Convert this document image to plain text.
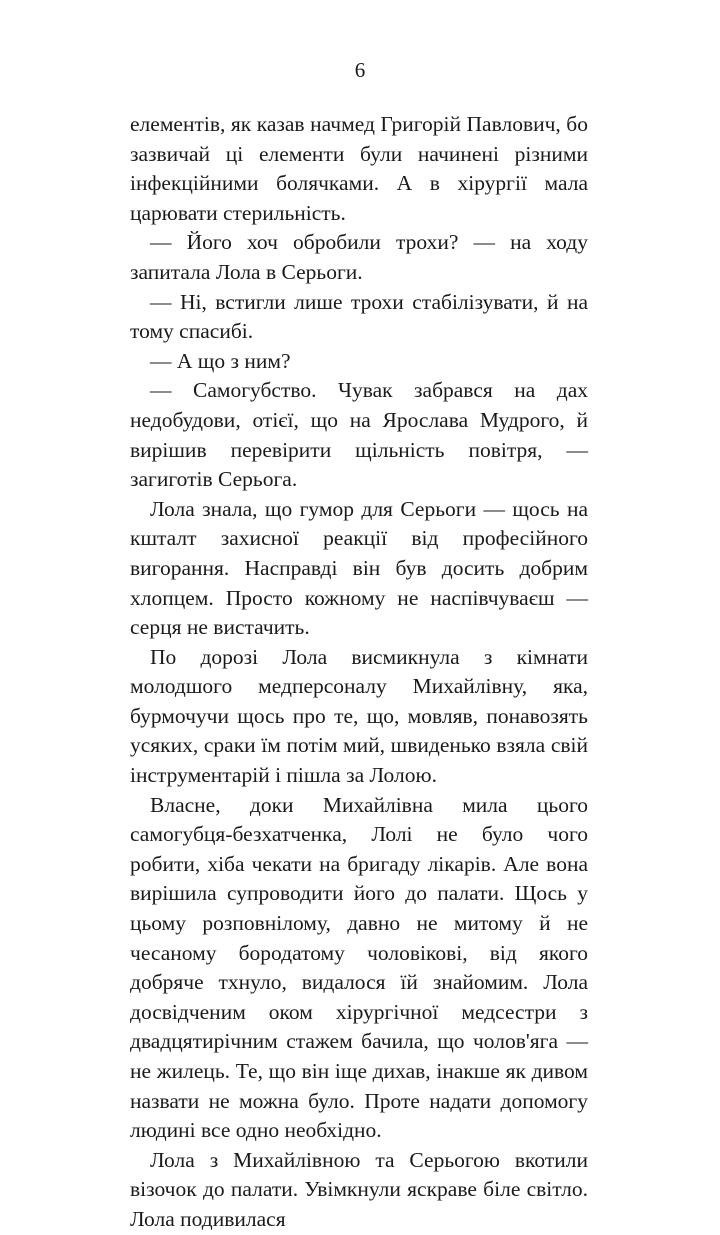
6

елементів, як казав начмед Григорій Павлович, бо зазвичай ці елементи були начинені різними інфекційними болячками. А в хірургії мала царювати стерильність.

— Його хоч обробили трохи? — на ходу запитала Лола в Серьоги.

— Ні, встигли лише трохи стабілізувати, й на тому спасибі.

— А що з ним?

— Самогубство. Чувак забрався на дах недобудови, отієї, що на Ярослава Мудрого, й вирішив перевірити щільність повітря, — загиготів Серьога.

Лола знала, що гумор для Серьоги — щось на кшталт захисної реакції від професійного вигорання. Насправді він був досить добрим хлопцем. Просто кожному не наспівчуваєш — серця не вистачить.

По дорозі Лола висмикнула з кімнати молодшого медперсоналу Михайлівну, яка, бурмочучи щось про те, що, мовляв, понавозять усяких, сраки їм потім мий, швиденько взяла свій інструментарій і пішла за Лолою.

Власне, доки Михайлівна мила цього самогубця-безхатченка, Лолі не було чого робити, хіба чекати на бригаду лікарів. Але вона вирішила супроводити його до палати. Щось у цьому розповнілому, давно не митому й не чесаному бородатому чоловікові, від якого добряче тхнуло, видалося їй знайомим. Лола досвідченим оком хірургічної медсестри з двадцятирічним стажем бачила, що чолов'яга — не жилець. Те, що він іще дихав, інакше як дивом назвати не можна було. Проте надати допомогу людині все одно необхідно.

Лола з Михайлівною та Серьогою вкотили візочок до палати. Увімкнули яскраве біле світло. Лола подивилася
